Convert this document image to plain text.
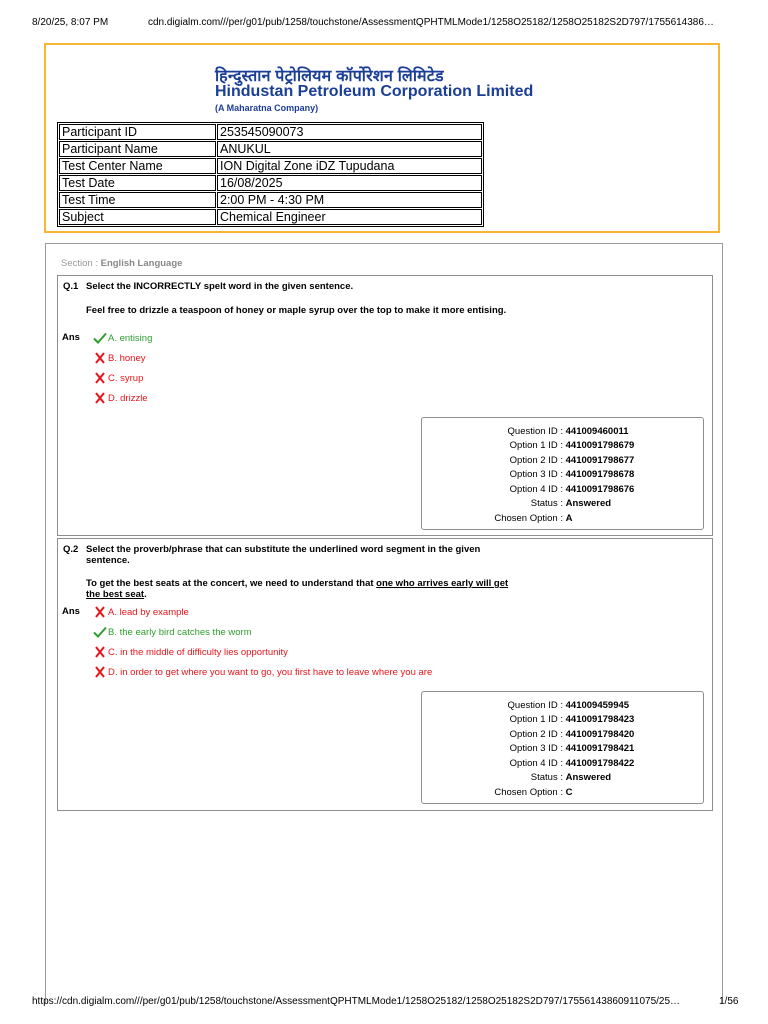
8/20/25, 8:07 PM	cdn.digialm.com///per/g01/pub/1258/touchstone/AssessmentQPHTMLMode1/1258O25182/1258O25182S2D797/1755614386…
हिन्दुस्तान पेट्रोलियम कॉर्पोरेशन लिमिटेड
Hindustan Petroleum Corporation Limited
(A Maharatna Company)
Participant ID	253545090073
Participant Name	ANUKUL
Test Center Name	ION Digital Zone iDZ Tupudana
Test Date	16/08/2025
Test Time	2:00 PM - 4:30 PM
Subject	Chemical Engineer
Section : English Language
Q.1 Select the INCORRECTLY spelt word in the given sentence.
Feel free to drizzle a teaspoon of honey or maple syrup over the top to make it more entising.
Ans	A. entising
B. honey
C. syrup
D. drizzle
Question ID : 441009460011
Option 1 ID : 4410091798679
Option 2 ID : 4410091798677
Option 3 ID : 4410091798678
Option 4 ID : 4410091798676
Status : Answered
Chosen Option : A
Q.2 Select the proverb/phrase that can substitute the underlined word segment in the given sentence.
To get the best seats at the concert, we need to understand that one who arrives early will get the best seat.
Ans	A. lead by example
B. the early bird catches the worm
C. in the middle of difficulty lies opportunity
D. in order to get where you want to go, you first have to leave where you are
Question ID : 441009459945
Option 1 ID : 4410091798423
Option 2 ID : 4410091798420
Option 3 ID : 4410091798421
Option 4 ID : 4410091798422
Status : Answered
Chosen Option : C
https://cdn.digialm.com///per/g01/pub/1258/touchstone/AssessmentQPHTMLMode1/1258O25182/1258O25182S2D797/17556143860911075/25…	1/56
